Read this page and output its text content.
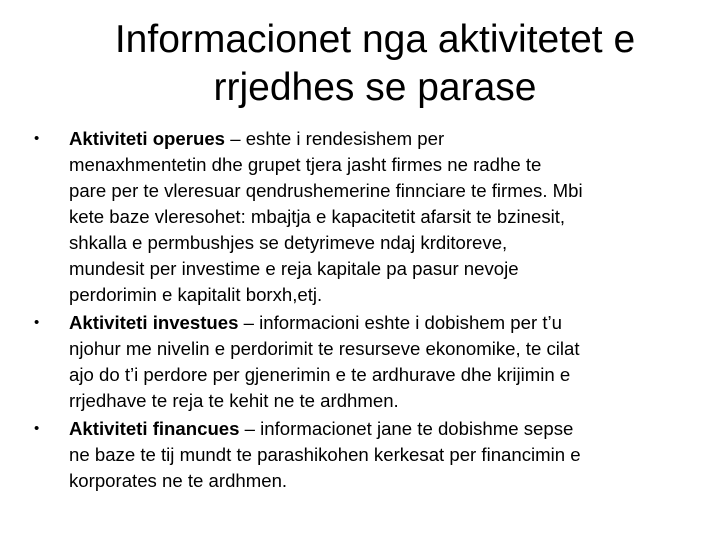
Informacionet nga aktivitetet e
rrjedhes se parase
•	Aktiviteti operues – eshte i rendesishem per
menaxhmentetin dhe grupet tjera jasht firmes ne radhe te
pare per te vleresuar qendrushemerine finnciare te firmes. Mbi
kete baze vleresohet: mbajtja e kapacitetit afarsit te bzinesit,
shkalla e permbushjes se detyrimeve ndaj krditoreve,
mundesit per investime e reja kapitale pa pasur nevoje
perdorimin e kapitalit borxh,etj.
•	Aktiviteti investues – informacioni eshte i dobishem per t’u
njohur me nivelin e perdorimit te resurseve ekonomike, te cilat
ajo do t’i perdore per gjenerimin e te ardhurave dhe krijimin e
rrjedhave te reja te kehit ne te ardhmen.
•	Aktiviteti financues – informacionet jane te dobishme sepse
ne baze te tij mundt te parashikohen kerkesat per financimin e
korporates ne te ardhmen.
